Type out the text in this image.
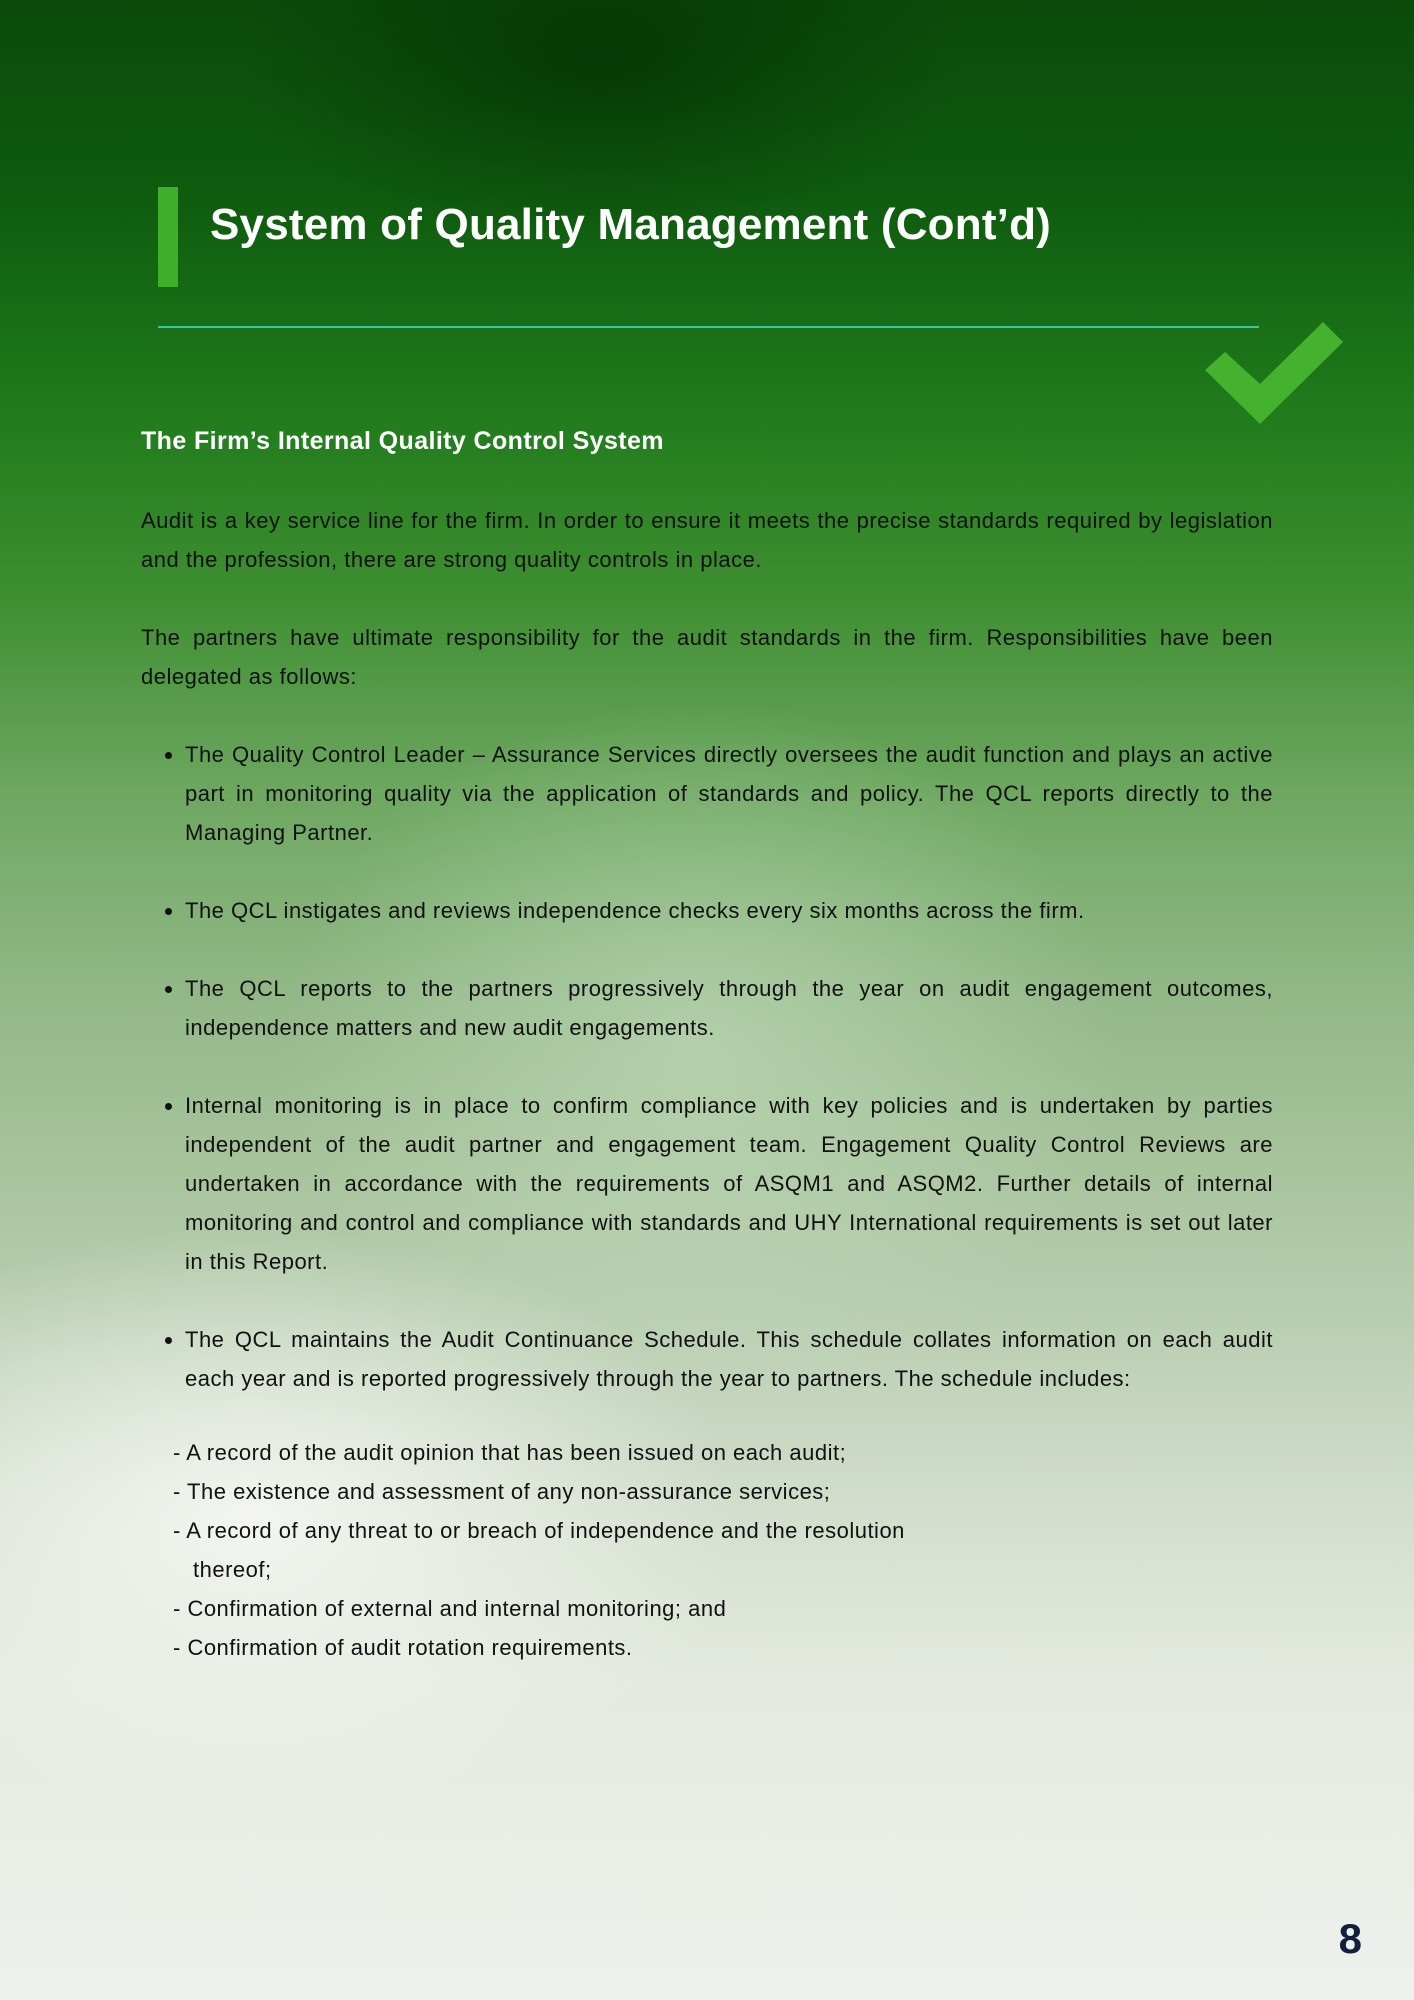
System of Quality Management (Cont’d)
The Firm’s Internal Quality Control System

Audit is a key service line for the firm. In order to ensure it meets the precise standards required by legislation and the profession, there are strong quality controls in place.

The partners have ultimate responsibility for the audit standards in the firm. Responsibilities have been delegated as follows:

• The Quality Control Leader – Assurance Services directly oversees the audit function and plays an active part in monitoring quality via the application of standards and policy. The QCL reports directly to the Managing Partner.
• The QCL instigates and reviews independence checks every six months across the firm.
• The QCL reports to the partners progressively through the year on audit engagement outcomes, independence matters and new audit engagements.
• Internal monitoring is in place to confirm compliance with key policies and is undertaken by parties independent of the audit partner and engagement team. Engagement Quality Control Reviews are undertaken in accordance with the requirements of ASQM1 and ASQM2. Further details of internal monitoring and control and compliance with standards and UHY International requirements is set out later in this Report.
• The QCL maintains the Audit Continuance Schedule. This schedule collates information on each audit each year and is reported progressively through the year to partners. The schedule includes:
- A record of the audit opinion that has been issued on each audit;
- The existence and assessment of any non-assurance services;
- A record of any threat to or breach of independence and the resolution
thereof;
- Confirmation of external and internal monitoring; and
- Confirmation of audit rotation requirements.
8
